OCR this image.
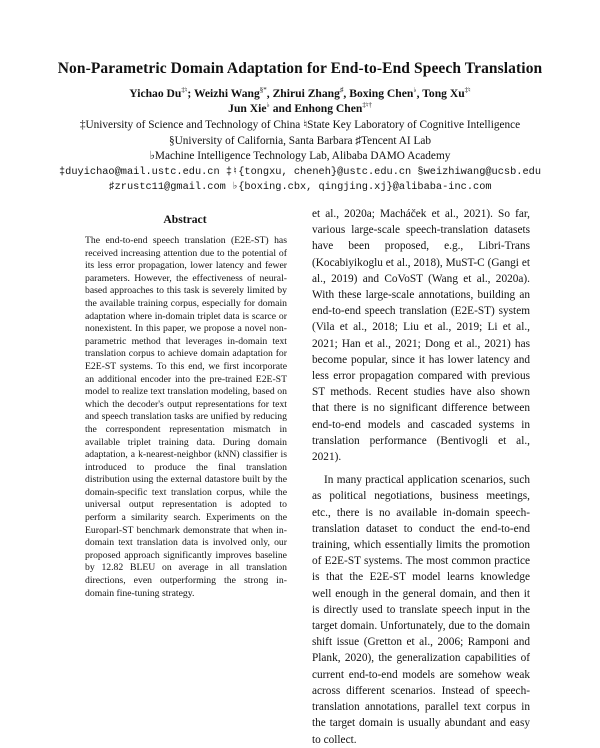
Non-Parametric Domain Adaptation for End-to-End Speech Translation
Yichao Du‡♮; Weizhi Wang§*, Zhirui Zhang♯, Boxing Chen♭, Tong Xu‡♮
Jun Xie♭ and Enhong Chen‡♮†
‡University of Science and Technology of China ♮State Key Laboratory of Cognitive Intelligence
§University of California, Santa Barbara ♯Tencent AI Lab
♭Machine Intelligence Technology Lab, Alibaba DAMO Academy
‡duyichao@mail.ustc.edu.cn ‡♮{tongxu, cheneh}@ustc.edu.cn §weizhiwang@ucsb.edu
♯zrustc11@gmail.com ♭{boxing.cbx, qingjing.xj}@alibaba-inc.com
Abstract

The end-to-end speech translation (E2E-ST) has received increasing attention due to the potential of its less error propagation, lower latency and fewer parameters. However, the effectiveness of neural-based approaches to this task is severely limited by the available training corpus, especially for domain adaptation where in-domain triplet data is scarce or nonexistent. In this paper, we propose a novel non-parametric method that leverages in-domain text translation corpus to achieve domain adaptation for E2E-ST systems. To this end, we first incorporate an additional encoder into the pre-trained E2E-ST model to realize text translation modeling, based on which the decoder's output representations for text and speech translation tasks are unified by reducing the correspondent representation mismatch in available triplet training data. During domain adaptation, a k-nearest-neighbor (kNN) classifier is introduced to produce the final translation distribution using the external datastore built by the domain-specific text translation corpus, while the universal output representation is adopted to perform a similarity search. Experiments on the Europarl-ST benchmark demonstrate that when in-domain text translation data is involved only, our proposed approach significantly improves baseline by 12.82 BLEU on average in all translation directions, even outperforming the strong in-domain fine-tuning strategy.

et al., 2020a; Macháček et al., 2021). So far, various large-scale speech-translation datasets have been proposed, e.g., Libri-Trans (Kocabiyikoglu et al., 2018), MuST-C (Gangi et al., 2019) and CoVoST (Wang et al., 2020a). With these large-scale annotations, building an end-to-end speech translation (E2E-ST) system (Vila et al., 2018; Liu et al., 2019; Li et al., 2021; Han et al., 2021; Dong et al., 2021) has become popular, since it has lower latency and less error propagation compared with previous ST methods. Recent studies have also shown that there is no significant difference between end-to-end models and cascaded systems in translation performance (Bentivogli et al., 2021).

In many practical application scenarios, such as political negotiations, business meetings, etc., there is no available in-domain speech-translation dataset to conduct the end-to-end training, which essentially limits the promotion of E2E-ST systems. The most common practice is that the E2E-ST model learns knowledge well enough in the general domain, and then it is directly used to translate speech input in the target domain. Unfortunately, due to the domain shift issue (Gretton et al., 2006; Ramponi and Plank, 2020), the generalization capabilities of current end-to-end models are somehow weak across different scenarios. Instead of speech-translation annotations, parallel text corpus in the target domain is usually abundant and easy to collect.
